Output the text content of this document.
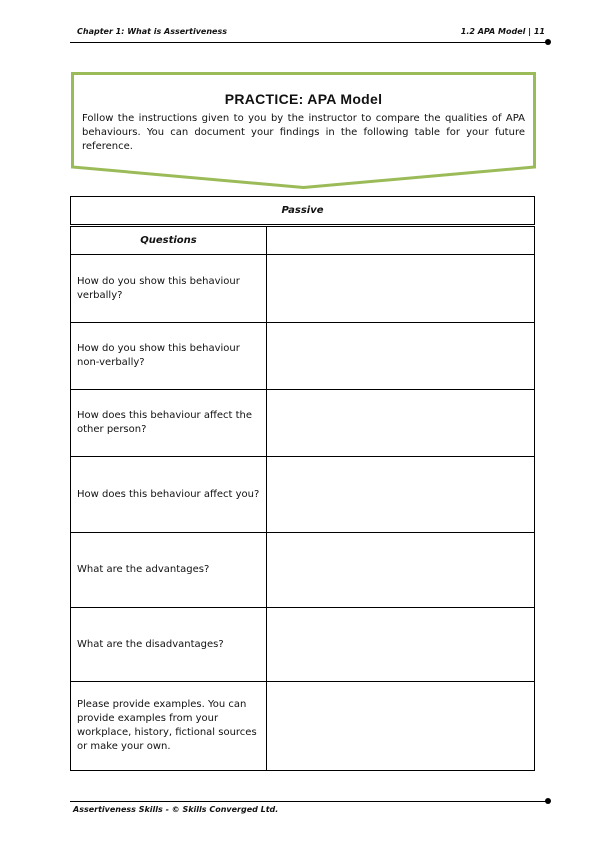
Chapter 1: What is Assertiveness	1.2 APA Model | 11
PRACTICE: APA Model
Follow the instructions given to you by the instructor to compare the qualities of APA behaviours. You can document your findings in the following table for your future reference.
Passive	
Questions	
How do you show this behaviour verbally?	
How do you show this behaviour non-verbally?	
How does this behaviour affect the other person?	
How does this behaviour affect you?	
What are the advantages?	
What are the disadvantages?	
Please provide examples. You can provide examples from your workplace, history, fictional sources or make your own.	
Assertiveness Skills - © Skills Converged Ltd.
